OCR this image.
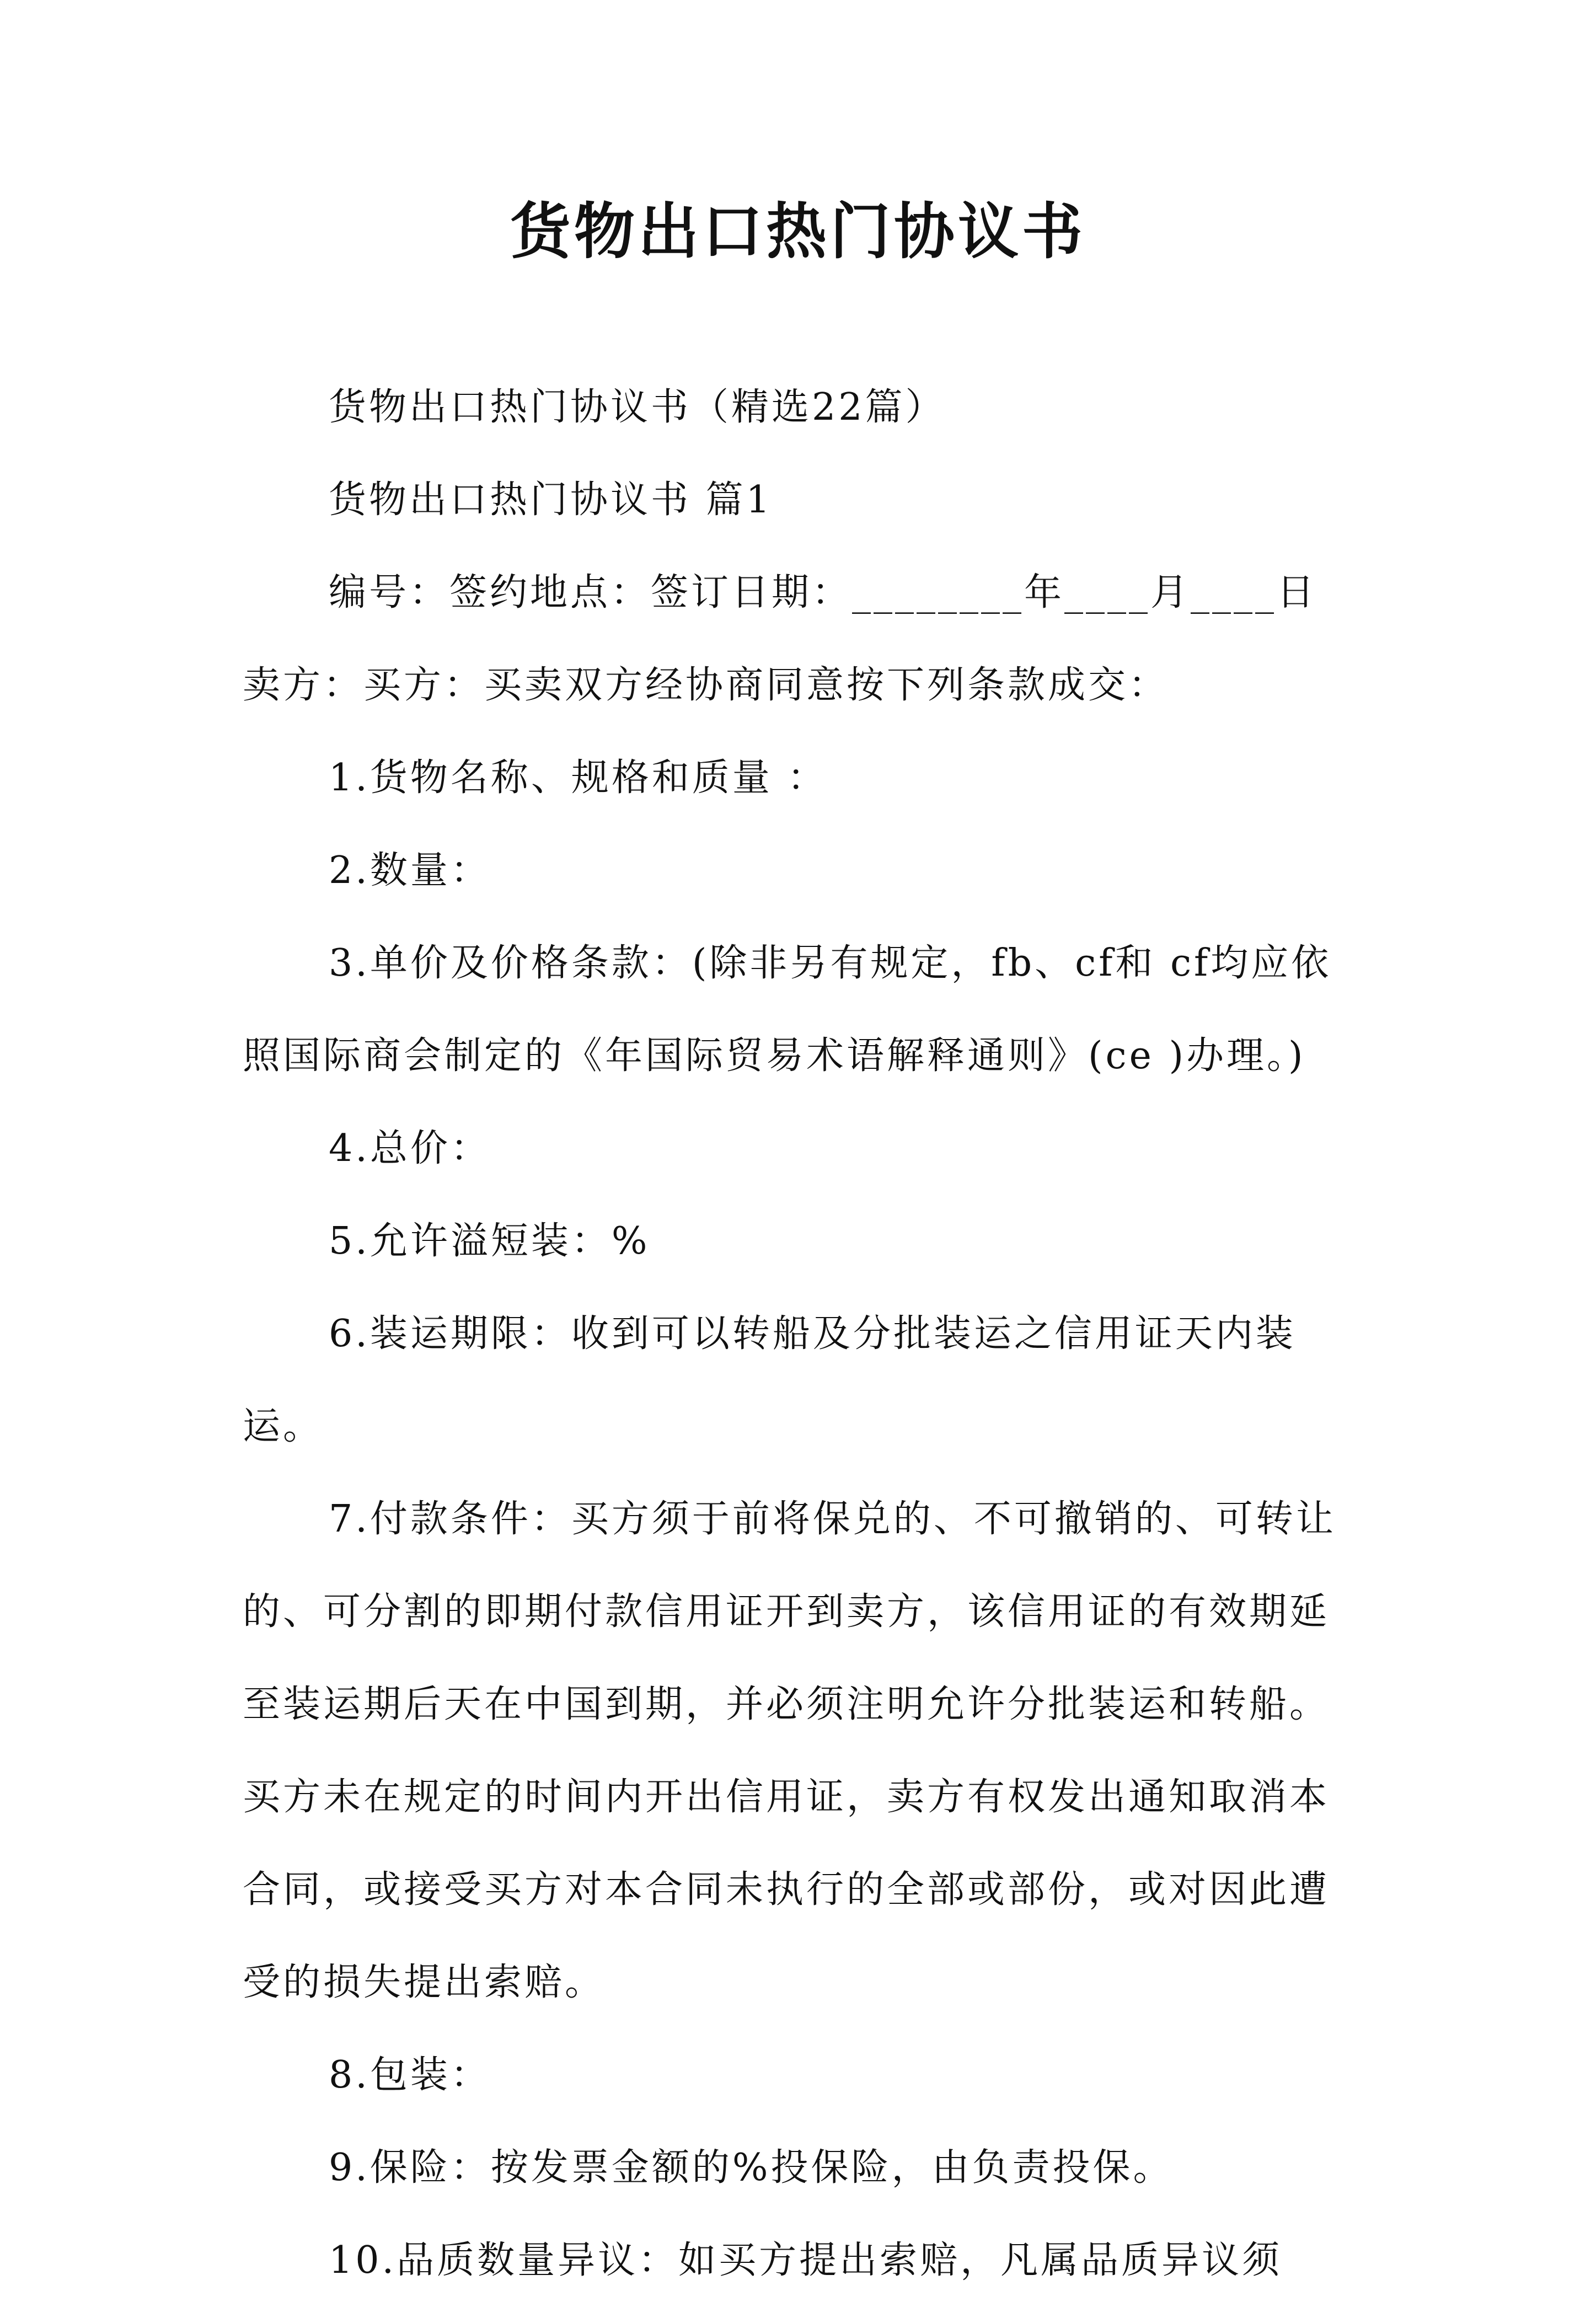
货物出口热门协议书

货物出口热门协议书（精选22篇）

货物出口热门协议书 篇1

编号：签约地点：签订日期：________年____月____日卖方：买方：买卖双方经协商同意按下列条款成交：

1.货物名称、规格和质量 ：

2.数量：

3.单价及价格条款：(除非另有规定，fb、cf和 cf均应依照国际商会制定的《年国际贸易术语解释通则》(ce )办理。)

4.总价：

5.允许溢短装：%

6.装运期限：收到可以转船及分批装运之信用证天内装运。

7.付款条件：买方须于前将保兑的、不可撤销的、可转让的、可分割的即期付款信用证开到卖方，该信用证的有效期延至装运期后天在中国到期，并必须注明允许分批装运和转船。买方未在规定的时间内开出信用证，卖方有权发出通知取消本合同，或接受买方对本合同未执行的全部或部份，或对因此遭受的损失提出索赔。

8.包装：

9.保险：按发票金额的%投保险，由负责投保。

10.品质数量异议：如买方提出索赔，凡属品质异议须
